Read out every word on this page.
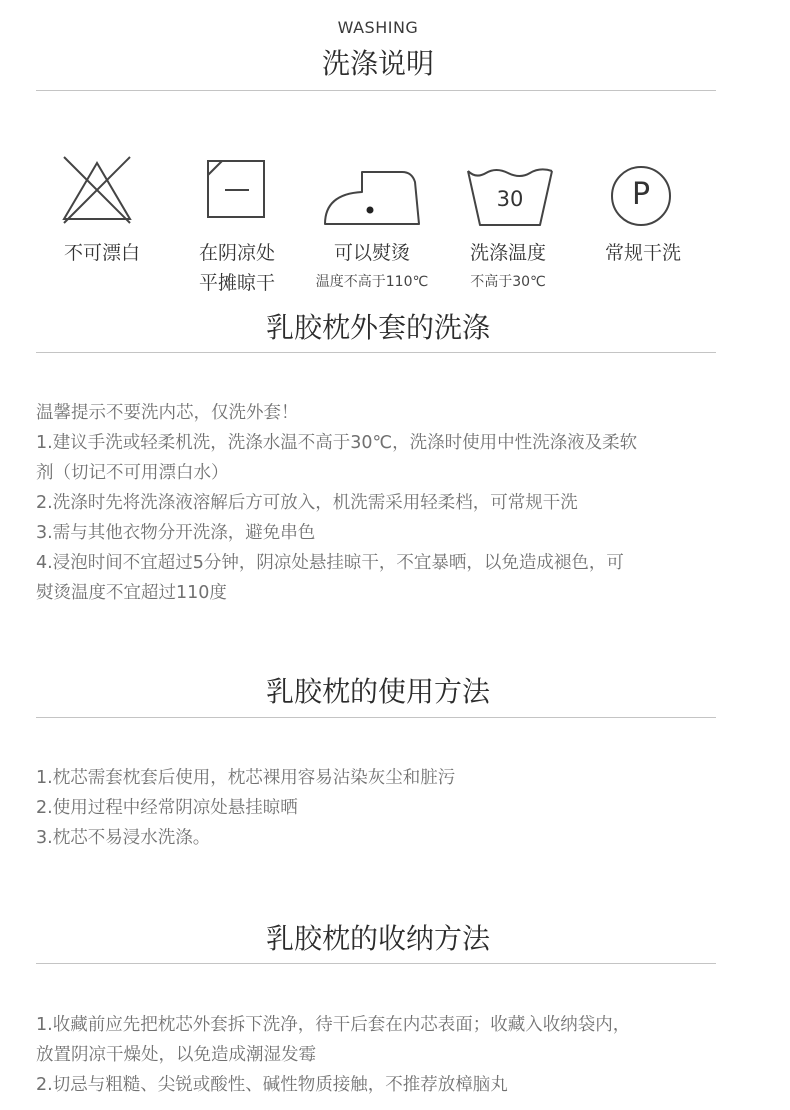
WASHING
洗涤说明
30	P
不可漂白	在阴凉处
平摊晾干
可以熨烫
温度不高于110℃
洗涤温度
不高于30℃
常规干洗
乳胶枕外套的洗涤
温馨提示不要洗内芯，仅洗外套！
1.建议手洗或轻柔机洗，洗涤水温不高于30℃，洗涤时使用中性洗涤液及柔软
剂（切记不可用漂白水）
2.洗涤时先将洗涤液溶解后方可放入，机洗需采用轻柔档，可常规干洗
3.需与其他衣物分开洗涤，避免串色
4.浸泡时间不宜超过5分钟，阴凉处悬挂晾干，不宜暴晒，以免造成褪色，可
熨烫温度不宜超过110度
乳胶枕的使用方法
1.枕芯需套枕套后使用，枕芯裸用容易沾染灰尘和脏污
2.使用过程中经常阴凉处悬挂晾晒
3.枕芯不易浸水洗涤。
乳胶枕的收纳方法
1.收藏前应先把枕芯外套拆下洗净，待干后套在内芯表面；收藏入收纳袋内，
放置阴凉干燥处，以免造成潮湿发霉
2.切忌与粗糙、尖锐或酸性、碱性物质接触，不推荐放樟脑丸
